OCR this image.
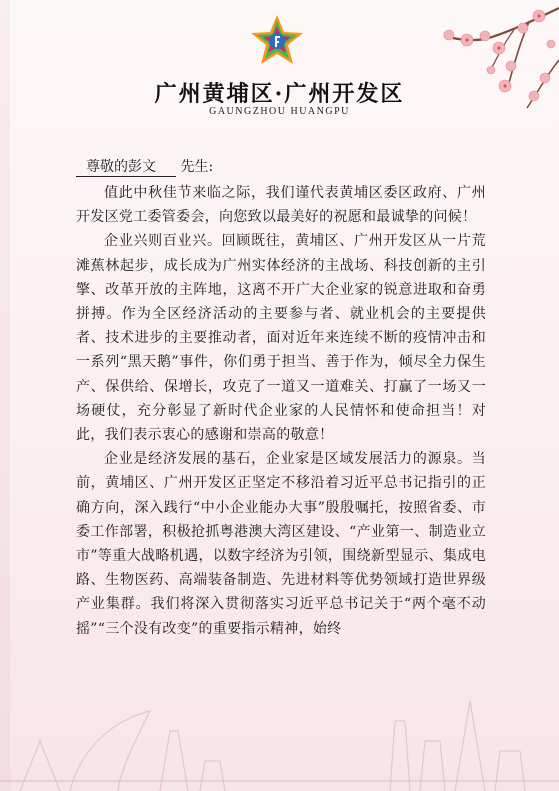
广州黄埔区·广州开发区
GAUNGZHOU HUANGPU
尊敬的彭文 先生:

值此中秋佳节来临之际，我们谨代表黄埔区委区政府、广州开发区党工委管委会，向您致以最美好的祝愿和最诚挚的问候！

企业兴则百业兴。回顾既往，黄埔区、广州开发区从一片荒滩蕉林起步，成长成为广州实体经济的主战场、科技创新的主引擎、改革开放的主阵地，这离不开广大企业家的锐意进取和奋勇拼搏。作为全区经济活动的主要参与者、就业机会的主要提供者、技术进步的主要推动者，面对近年来连续不断的疫情冲击和一系列“黑天鹅”事件，你们勇于担当、善于作为，倾尽全力保生产、保供给、保增长，攻克了一道又一道难关、打赢了一场又一场硬仗，充分彰显了新时代企业家的人民情怀和使命担当！对此，我们表示衷心的感谢和崇高的敬意！

企业是经济发展的基石，企业家是区域发展活力的源泉。当前，黄埔区、广州开发区正坚定不移沿着习近平总书记指引的正确方向，深入践行“中小企业能办大事”殷殷嘱托，按照省委、市委工作部署，积极抢抓粤港澳大湾区建设、“产业第一、制造业立市”等重大战略机遇，以数字经济为引领，围绕新型显示、集成电路、生物医药、高端装备制造、先进材料等优势领域打造世界级产业集群。我们将深入贯彻落实习近平总书记关于“两个毫不动摇”“三个没有改变”的重要指示精神，始终
